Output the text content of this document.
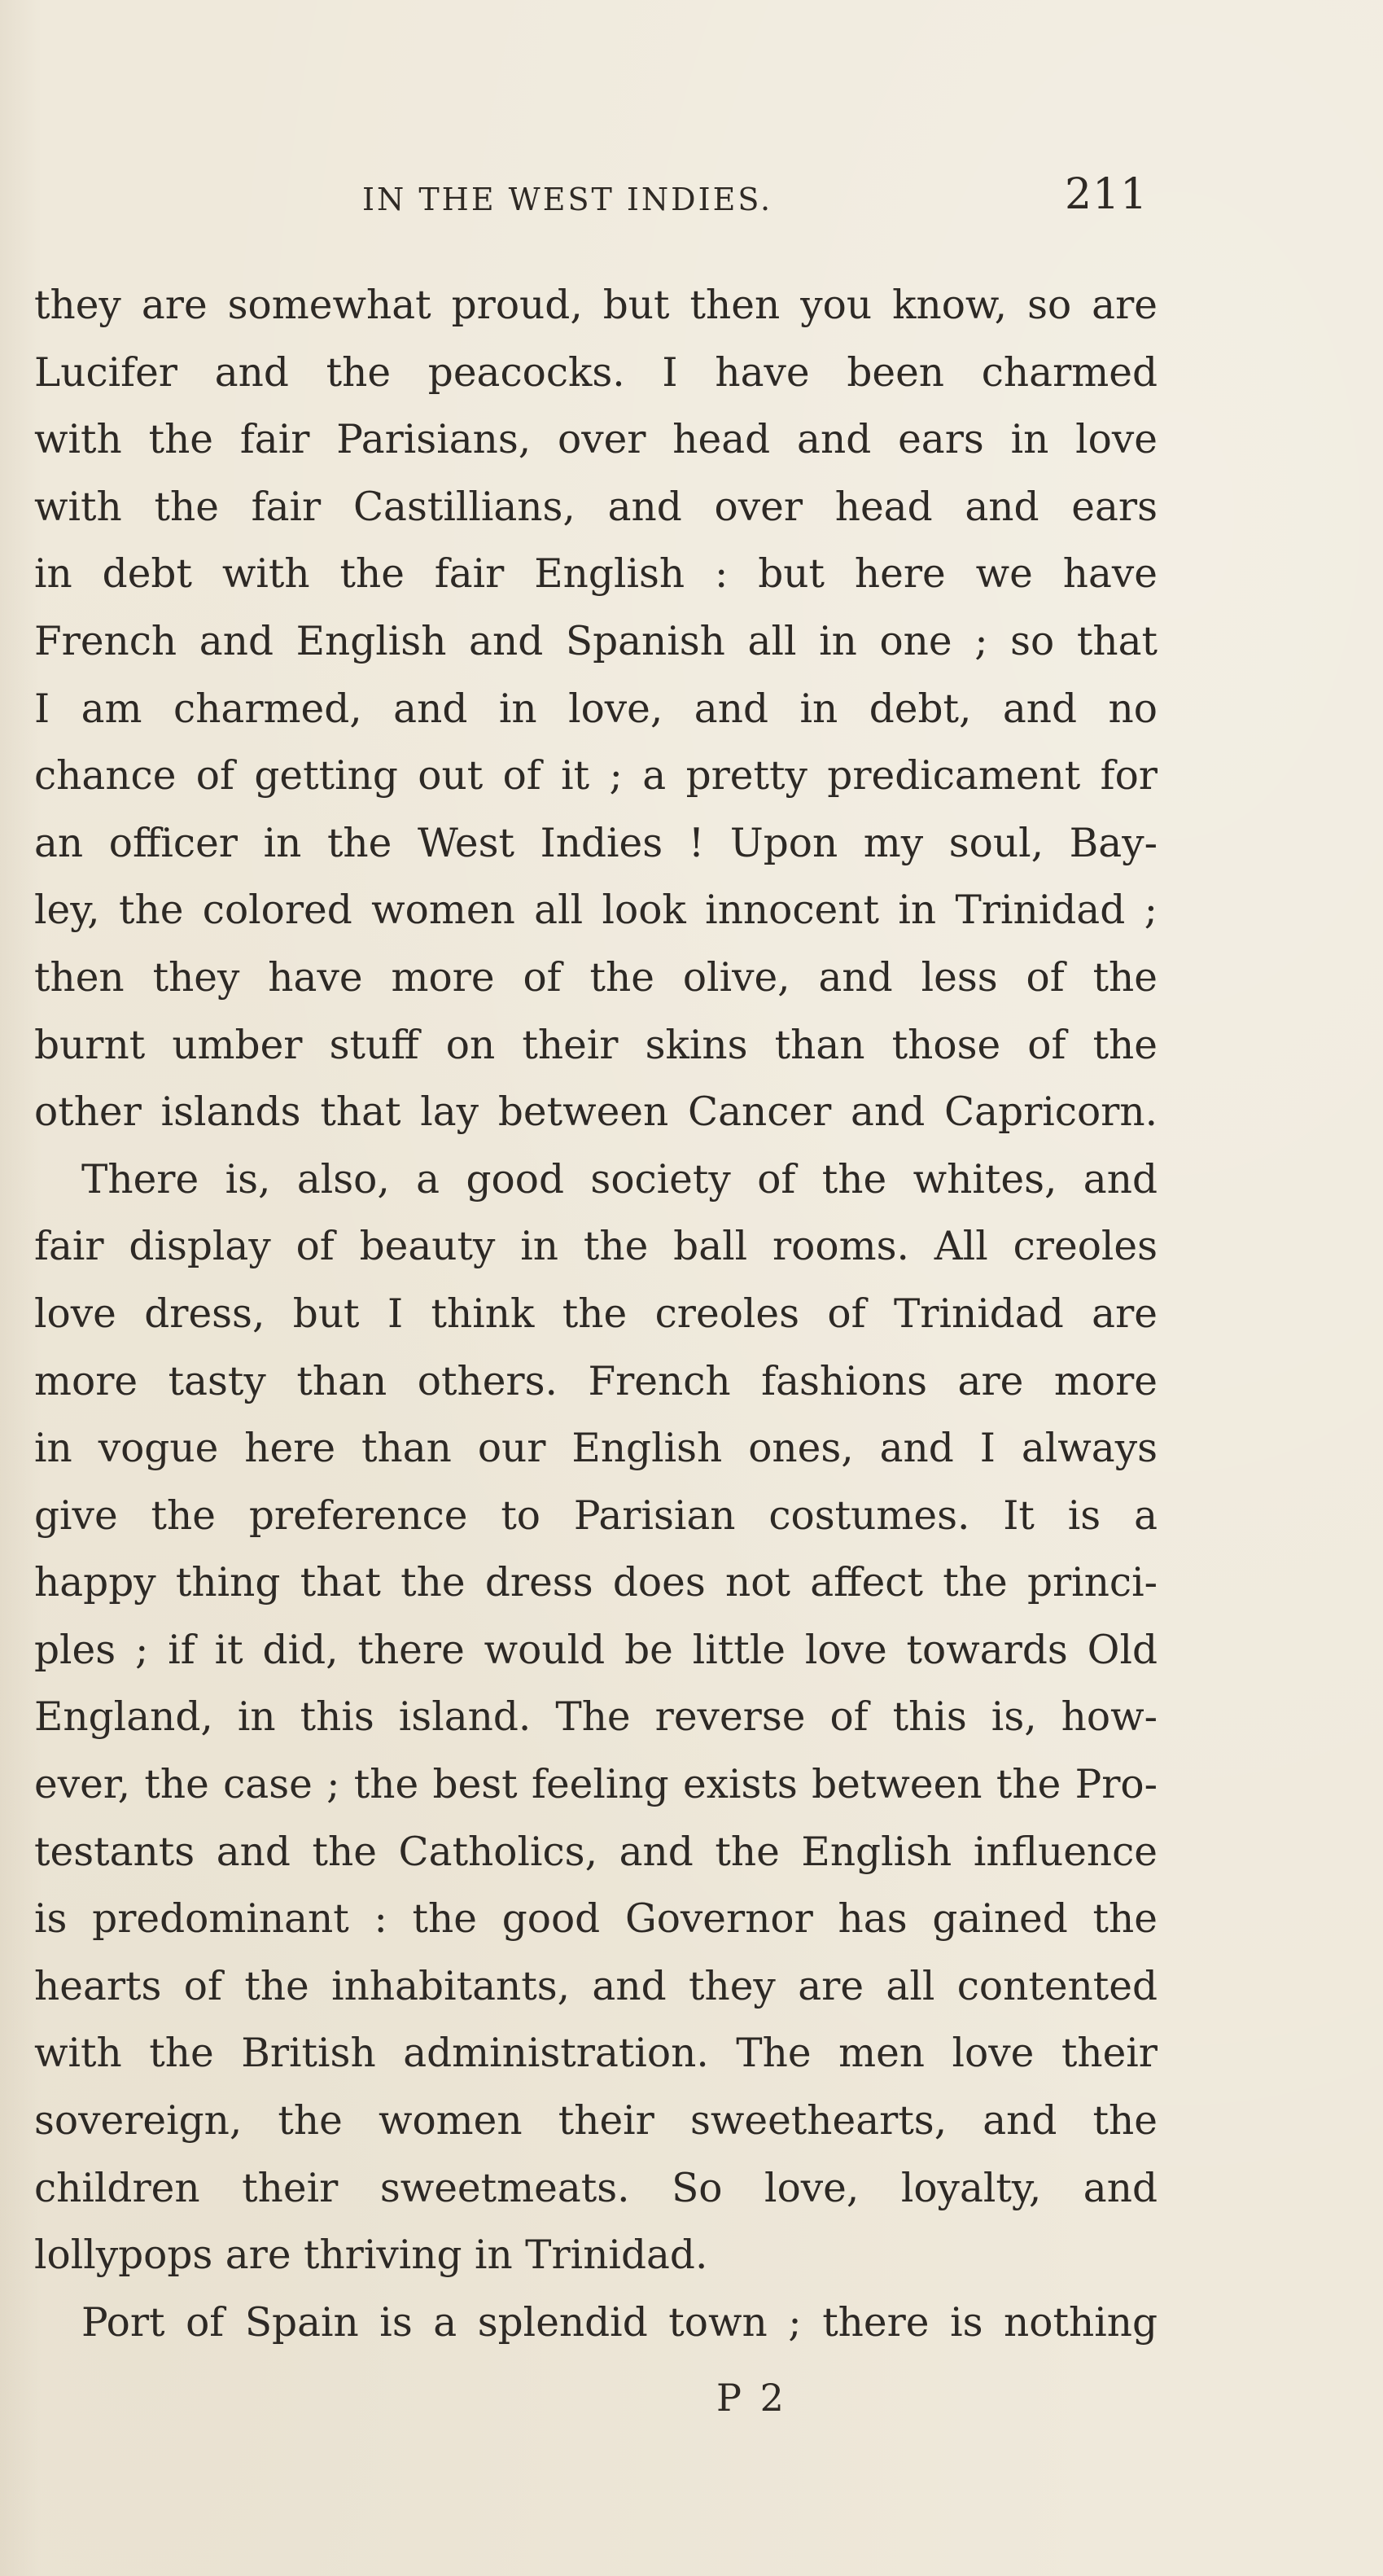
IN THE WEST INDIES.	211
they are somewhat proud, but then you know, so are
Lucifer and the peacocks. I have been charmed
with the fair Parisians, over head and ears in love
with the fair Castillians, and over head and ears
in debt with the fair English : but here we have
French and English and Spanish all in one ; so that
I am charmed, and in love, and in debt, and no
chance of getting out of it ; a pretty predicament for
an officer in the West Indies ! Upon my soul, Bay-
ley, the colored women all look innocent in Trinidad ;
then they have more of the olive, and less of the
burnt umber stuff on their skins than those of the
other islands that lay between Cancer and Capricorn.
There is, also, a good society of the whites, and
fair display of beauty in the ball rooms. All creoles
love dress, but I think the creoles of Trinidad are
more tasty than others. French fashions are more
in vogue here than our English ones, and I always
give the preference to Parisian costumes. It is a
happy thing that the dress does not affect the princi-
ples ; if it did, there would be little love towards Old
England, in this island. The reverse of this is, how-
ever, the case ; the best feeling exists between the Pro-
testants and the Catholics, and the English influence
is predominant : the good Governor has gained the
hearts of the inhabitants, and they are all contented
with the British administration. The men love their
sovereign, the women their sweethearts, and the
children their sweetmeats. So love, loyalty, and
lollypops are thriving in Trinidad.
Port of Spain is a splendid town ; there is nothing
P 2
